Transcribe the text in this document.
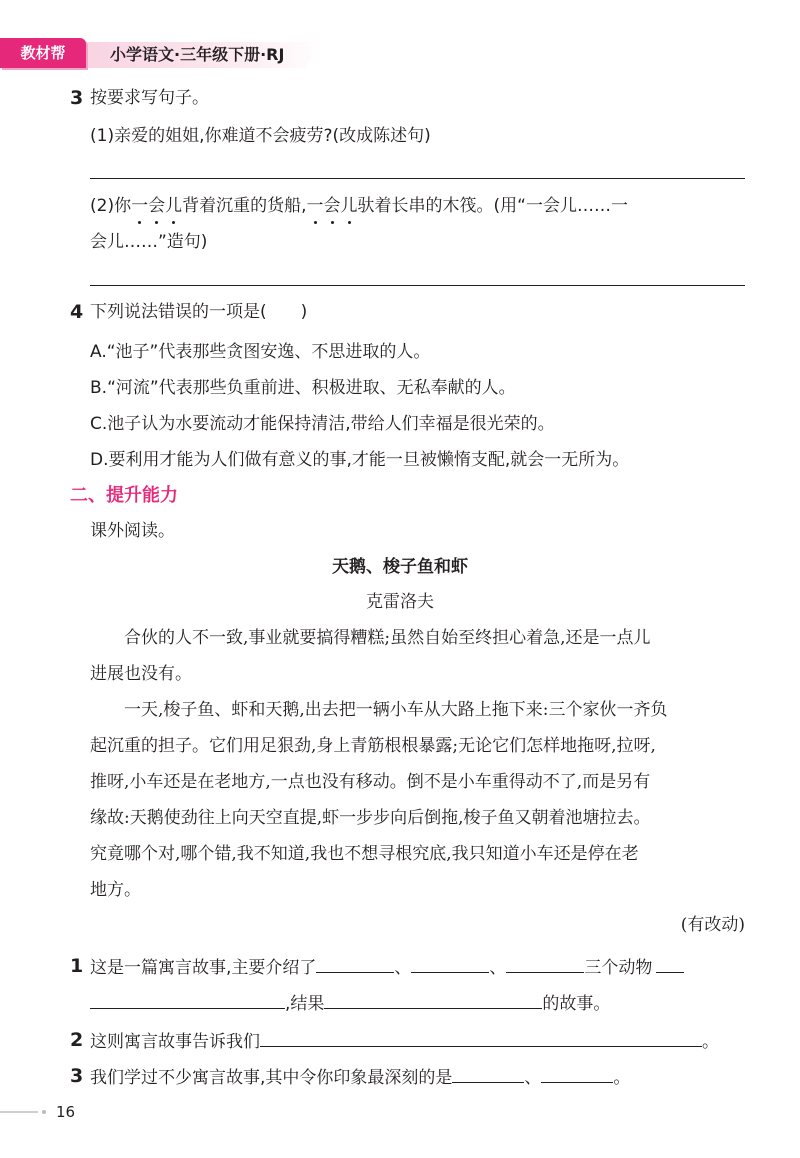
教材帮	小学语文·三年级下册·RJ
3 按要求写句子。
(1)亲爱的姐姐,你难道不会疲劳?(改成陈述句)
(2)你一会儿背着沉重的货船,一会儿驮着长串的木筏。(用“一会儿……一
会儿……”造句)
4 下列说法错误的一项是(　　)
A.“池子”代表那些贪图安逸、不思进取的人。
B.“河流”代表那些负重前进、积极进取、无私奉献的人。
C.池子认为水要流动才能保持清洁,带给人们幸福是很光荣的。
D.要利用才能为人们做有意义的事,才能一旦被懒惰支配,就会一无所为。
二、提升能力
课外阅读。
天鹅、梭子鱼和虾
克雷洛夫
合伙的人不一致,事业就要搞得糟糕;虽然自始至终担心着急,还是一点儿
进展也没有。
一天,梭子鱼、虾和天鹅,出去把一辆小车从大路上拖下来:三个家伙一齐负
起沉重的担子。它们用足狠劲,身上青筋根根暴露;无论它们怎样地拖呀,拉呀,
推呀,小车还是在老地方,一点也没有移动。倒不是小车重得动不了,而是另有
缘故:天鹅使劲往上向天空直提,虾一步步向后倒拖,梭子鱼又朝着池塘拉去。
究竟哪个对,哪个错,我不知道,我也不想寻根究底,我只知道小车还是停在老
地方。
(有改动)
1 这是一篇寓言故事,主要介绍了	、	、	三个动物
,结果	的故事。
2 这则寓言故事告诉我们	。
3 我们学过不少寓言故事,其中令你印象最深刻的是	、	。
16
